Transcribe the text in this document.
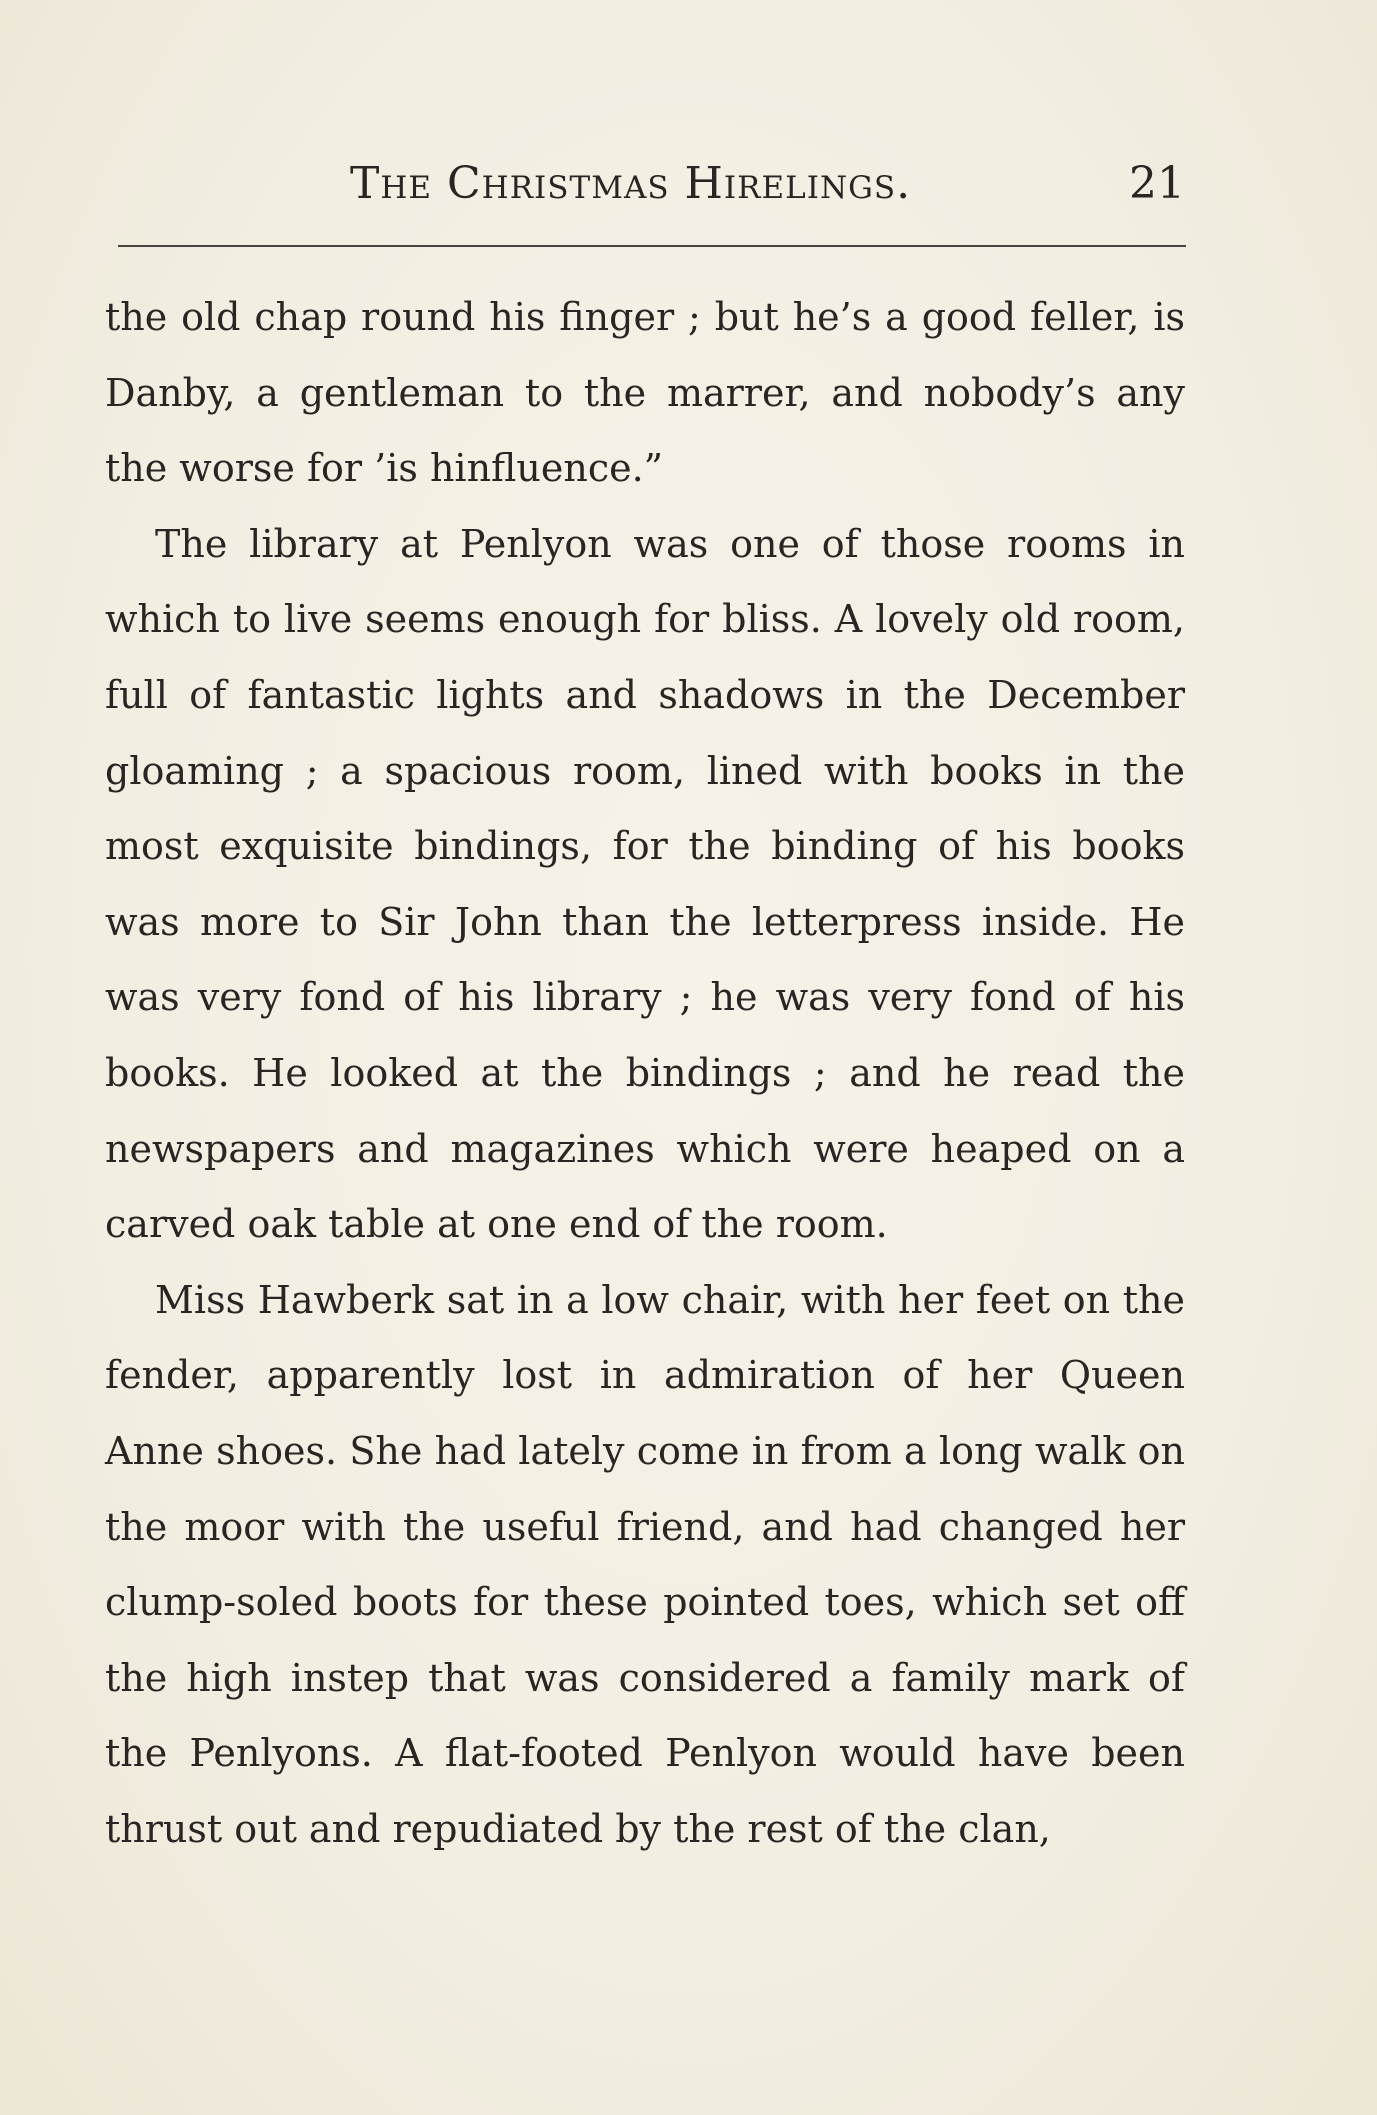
The Christmas Hirelings.	21

the old chap round his finger ; but he’s a good feller, is Danby, a gentleman to the marrer, and nobody’s any the worse for ’is hinfluence.”

The library at Penlyon was one of those rooms in which to live seems enough for bliss. A lovely old room, full of fantastic lights and shadows in the December gloaming ; a spacious room, lined with books in the most exquisite bindings, for the binding of his books was more to Sir John than the letterpress inside. He was very fond of his library ; he was very fond of his books. He looked at the bindings ; and he read the newspapers and magazines which were heaped on a carved oak table at one end of the room.

Miss Hawberk sat in a low chair, with her feet on the fender, apparently lost in admiration of her Queen Anne shoes. She had lately come in from a long walk on the moor with the useful friend, and had changed her clump-soled boots for these pointed toes, which set off the high instep that was considered a family mark of the Penlyons. A flat-footed Penlyon would have been thrust out and repudiated by the rest of the clan,
